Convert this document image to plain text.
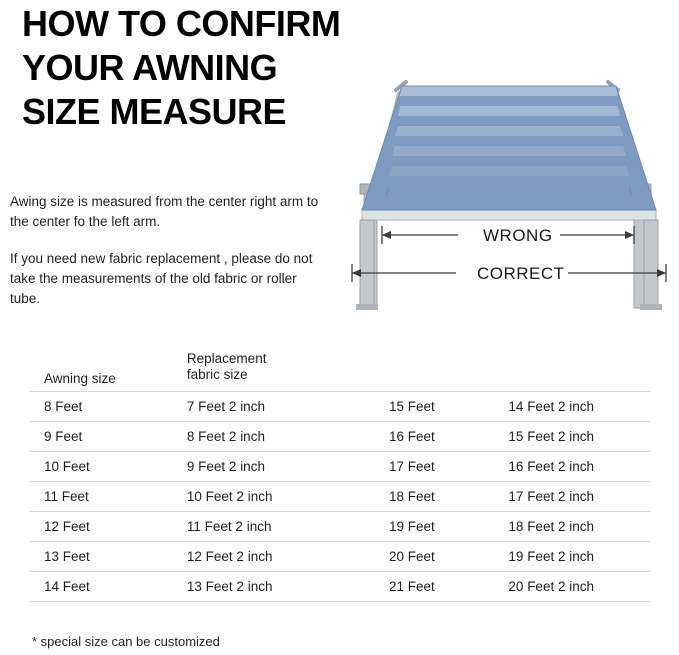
HOW TO CONFIRM
YOUR AWNING
SIZE MEASURE

Awing size is measured from the center right arm to the center fo the left arm.

If you need new fabric replacement , please do not take the measurements of the old fabric or roller tube.

WRONG
CORRECT
Awning size	Replacement
fabric size		
8 Feet	7 Feet 2 inch	15 Feet	14 Feet 2 inch
9 Feet	8 Feet 2 inch	16 Feet	15 Feet 2 inch
10 Feet	9 Feet 2 inch	17 Feet	16 Feet 2 inch
11 Feet	10 Feet 2 inch	18 Feet	17 Feet 2 inch
12 Feet	11 Feet 2 inch	19 Feet	18 Feet 2 inch
13 Feet	12 Feet 2 inch	20 Feet	19 Feet 2 inch
14 Feet	13 Feet 2 inch	21 Feet	20 Feet 2 inch
* special size can be customized
